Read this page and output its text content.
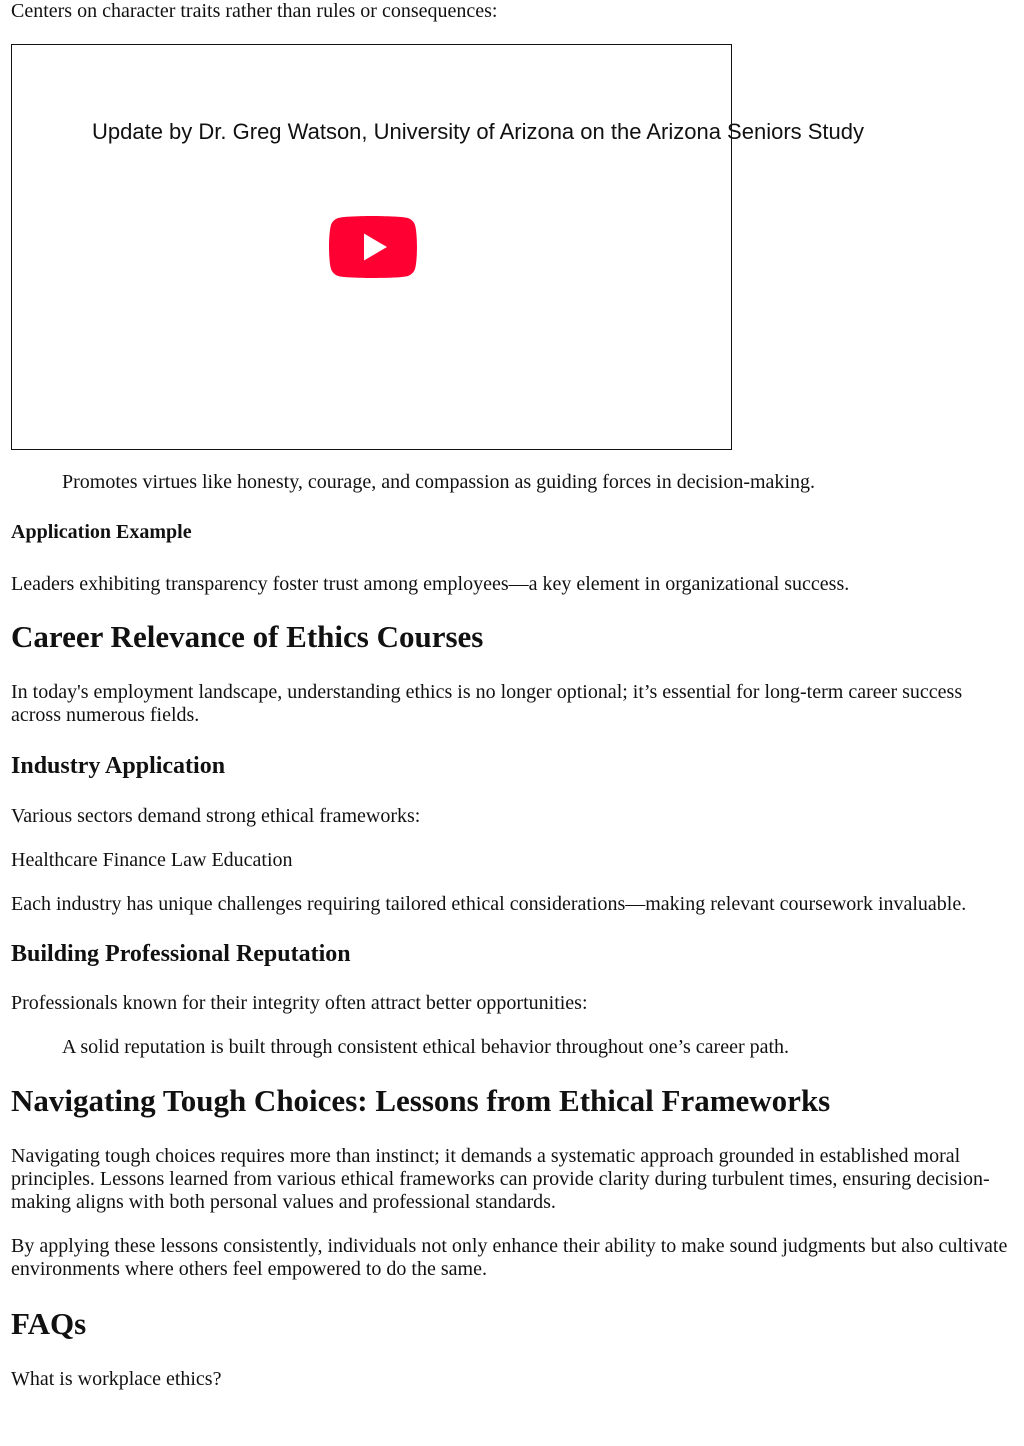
Centers on character traits rather than rules or consequences:

Update by Dr. Greg Watson, University of Arizona on the Arizona Seniors Study

Promotes virtues like honesty, courage, and compassion as guiding forces in decision-making.

Application Example

Leaders exhibiting transparency foster trust among employees—a key element in organizational success.

Career Relevance of Ethics Courses

In today's employment landscape, understanding ethics is no longer optional; it’s essential for long-term career success across numerous fields.

Industry Application

Various sectors demand strong ethical frameworks:

Healthcare Finance Law Education

Each industry has unique challenges requiring tailored ethical considerations—making relevant coursework invaluable.

Building Professional Reputation

Professionals known for their integrity often attract better opportunities:

A solid reputation is built through consistent ethical behavior throughout one’s career path.

Navigating Tough Choices: Lessons from Ethical Frameworks

Navigating tough choices requires more than instinct; it demands a systematic approach grounded in established moral principles. Lessons learned from various ethical frameworks can provide clarity during turbulent times, ensuring decision-making aligns with both personal values and professional standards.

By applying these lessons consistently, individuals not only enhance their ability to make sound judgments but also cultivate environments where others feel empowered to do the same.

FAQs

What is workplace ethics?
